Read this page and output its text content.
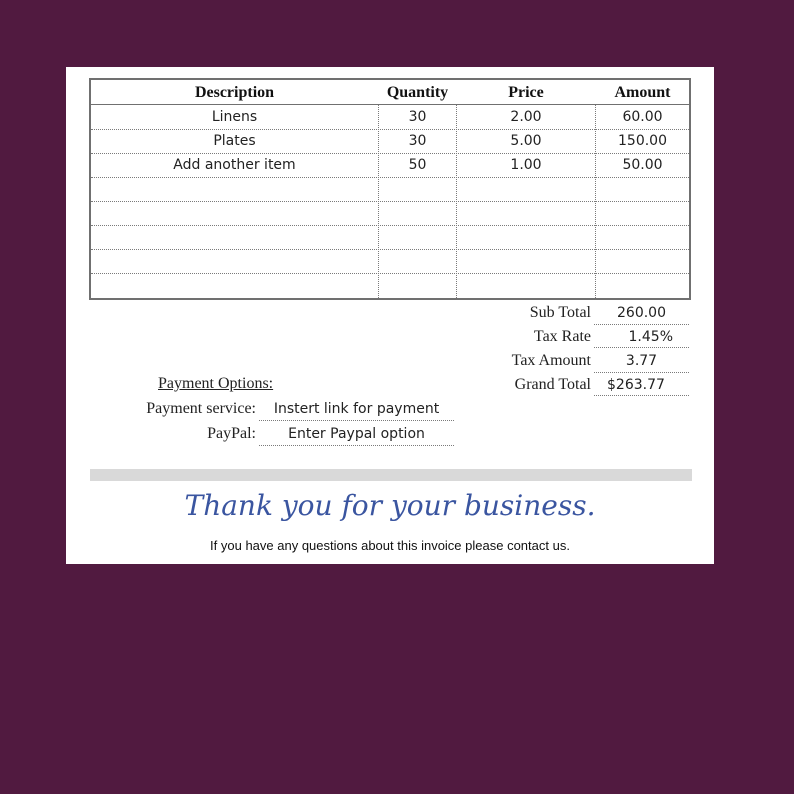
Description	Quantity	Price	Amount
Linens	30	2.00	60.00
Plates	30	5.00	150.00
Add another item	50	1.00	50.00
Sub Total	260.00
Tax Rate	1.45%
Tax Amount	3.77
Grand Total	$263.77
Payment Options:
Payment service:	Instert link for payment
PayPal:	Enter Paypal option
Thank you for your business.
If you have any questions about this invoice please contact us.
